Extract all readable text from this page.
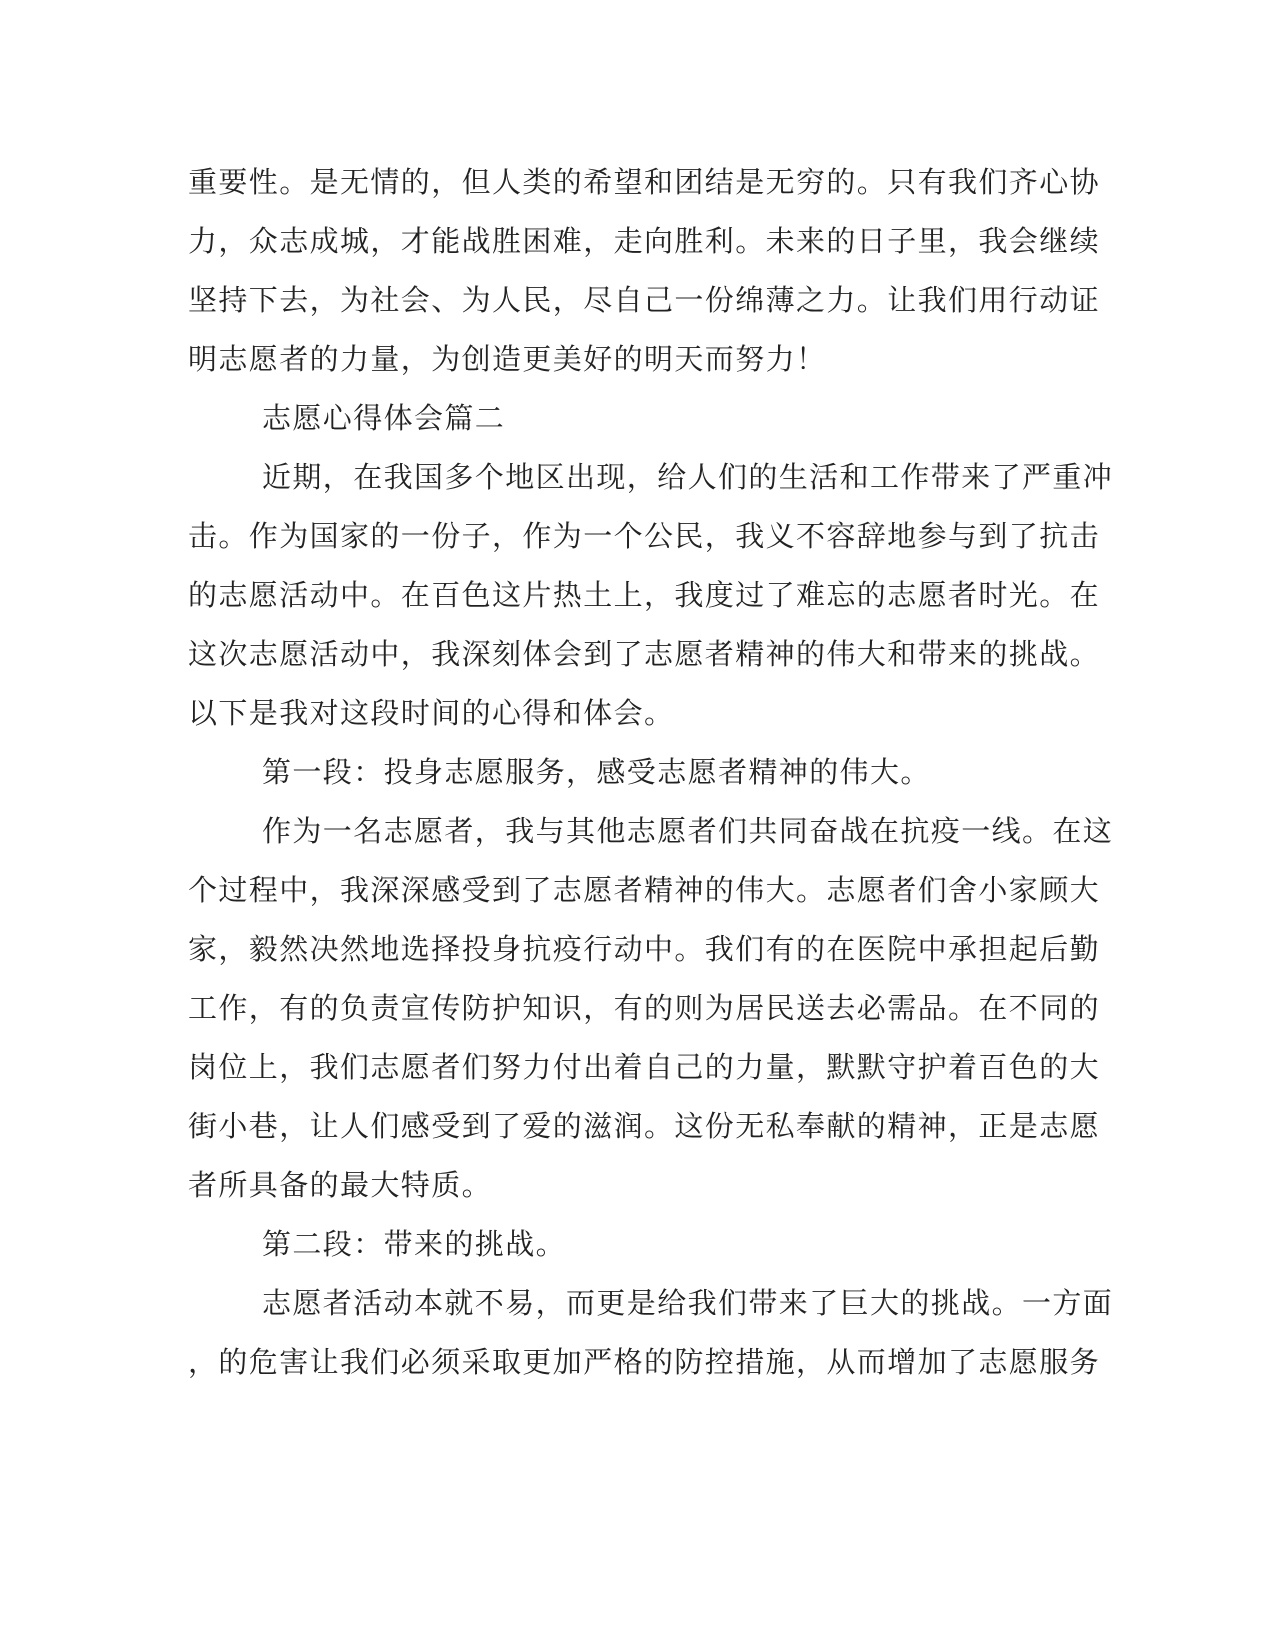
重要性。是无情的，但人类的希望和团结是无穷的。只有我们齐心协
力，众志成城，才能战胜困难，走向胜利。未来的日子里，我会继续
坚持下去，为社会、为人民，尽自己一份绵薄之力。让我们用行动证
明志愿者的力量，为创造更美好的明天而努力！
志愿心得体会篇二
近期，在我国多个地区出现，给人们的生活和工作带来了严重冲
击。作为国家的一份子，作为一个公民，我义不容辞地参与到了抗击
的志愿活动中。在百色这片热土上，我度过了难忘的志愿者时光。在
这次志愿活动中，我深刻体会到了志愿者精神的伟大和带来的挑战。
以下是我对这段时间的心得和体会。
第一段：投身志愿服务，感受志愿者精神的伟大。
作为一名志愿者，我与其他志愿者们共同奋战在抗疫一线。在这
个过程中，我深深感受到了志愿者精神的伟大。志愿者们舍小家顾大
家，毅然决然地选择投身抗疫行动中。我们有的在医院中承担起后勤
工作，有的负责宣传防护知识，有的则为居民送去必需品。在不同的
岗位上，我们志愿者们努力付出着自己的力量，默默守护着百色的大
街小巷，让人们感受到了爱的滋润。这份无私奉献的精神，正是志愿
者所具备的最大特质。
第二段：带来的挑战。
志愿者活动本就不易，而更是给我们带来了巨大的挑战。一方面
，的危害让我们必须采取更加严格的防控措施，从而增加了志愿服务
